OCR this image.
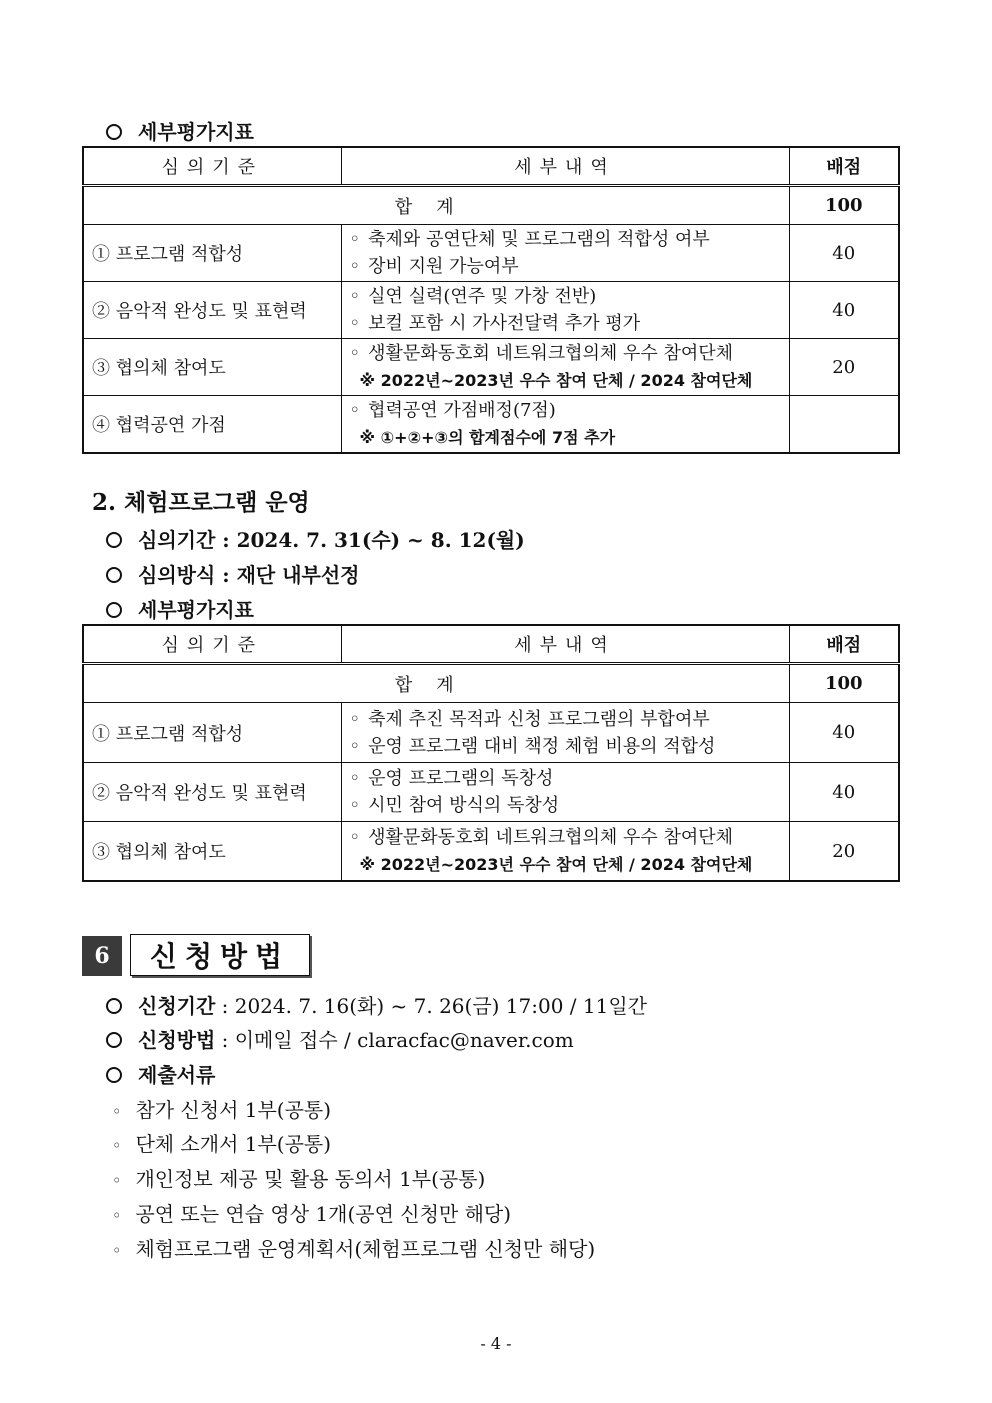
세부평가지표
심의기준	세부내역	배점
합계		100
① 프로그램 적합성	◦ 축제와 공연단체 및 프로그램의 적합성 여부
◦ 장비 지원 가능여부	40
② 음악적 완성도 및 표현력	◦ 실연 실력(연주 및 가창 전반)
◦ 보컬 포함 시 가사전달력 추가 평가	40
③ 협의체 참여도	◦ 생활문화동호회 네트워크협의체 우수 참여단체
※ 2022년~2023년 우수 참여 단체 / 2024 참여단체	20
④ 협력공연 가점	◦ 협력공연 가점배정(7점)
※ ①+②+③의 합계점수에 7점 추가	

2. 체험프로그램 운영
심의기간 : 2024. 7. 31(수) ~ 8. 12(월)
심의방식 : 재단 내부선정
세부평가지표
심의기준	세부내역	배점
합계		100
① 프로그램 적합성	◦ 축제 추진 목적과 신청 프로그램의 부합여부
◦ 운영 프로그램 대비 책정 체험 비용의 적합성	40
② 음악적 완성도 및 표현력	◦ 운영 프로그램의 독창성
◦ 시민 참여 방식의 독창성	40
③ 협의체 참여도	◦ 생활문화동호회 네트워크협의체 우수 참여단체
※ 2022년~2023년 우수 참여 단체 / 2024 참여단체	20
6	신청방법
신청기간 : 2024. 7. 16(화) ~ 7. 26(금) 17:00 / 11일간
신청방법 : 이메일 접수 / claracfac@naver.com
제출서류
◦ 참가 신청서 1부(공통)
◦ 단체 소개서 1부(공통)
◦ 개인정보 제공 및 활용 동의서 1부(공통)
◦ 공연 또는 연습 영상 1개(공연 신청만 해당)
◦ 체험프로그램 운영계획서(체험프로그램 신청만 해당)
- 4 -
